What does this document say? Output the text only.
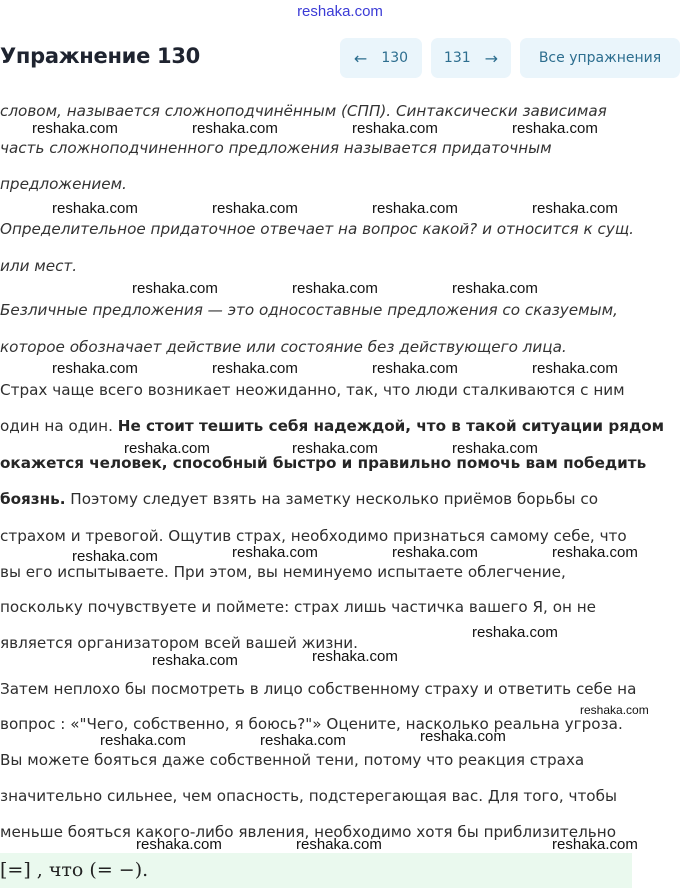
reshaka.com
Упражнение 130	← 130	131 →	Все упражнения
словом, называется сложноподчинённым (СПП). Синтаксически зависимая
часть сложноподчиненного предложения называется придаточным
предложением.
Определительное придаточное отвечает на вопрос какой? и относится к сущ.
или мест.
Безличные предложения — это односоставные предложения со сказуемым,
которое обозначает действие или состояние без действующего лица.
Страх чаще всего возникает неожиданно, так, что люди сталкиваются с ним
один на один. Не стоит тешить себя надеждой, что в такой ситуации рядом
окажется человек, способный быстро и правильно помочь вам победить
боязнь. Поэтому следует взять на заметку несколько приёмов борьбы со
страхом и тревогой. Ощутив страх, необходимо признаться самому себе, что
вы его испытываете. При этом, вы неминуемо испытаете облегчение,
поскольку почувствуете и поймете: страх лишь частичка вашего Я, он не
является организатором всей вашей жизни.
Затем неплохо бы посмотреть в лицо собственному страху и ответить себе на
вопрос : «"Чего, собственно, я боюсь?"» Оцените, насколько реальна угроза.
Вы можете бояться даже собственной тени, потому что реакция страха
значительно сильнее, чем опасность, подстерегающая вас. Для того, чтобы
меньше бояться какого-либо явления, необходимо хотя бы приблизительно
reshaka.com	reshaka.com	reshaka.com	reshaka.com
reshaka.com	reshaka.com	reshaka.com	reshaka.com
reshaka.com	reshaka.com	reshaka.com
reshaka.com	reshaka.com	reshaka.com	reshaka.com
reshaka.com	reshaka.com	reshaka.com
reshaka.com	reshaka.com	reshaka.com	reshaka.com
reshaka.com
reshaka.com	reshaka.com
reshaka.com	reshaka.com	reshaka.com
reshaka.com	reshaka.com	reshaka.com
reshaka.com
[=] , что (= −).
